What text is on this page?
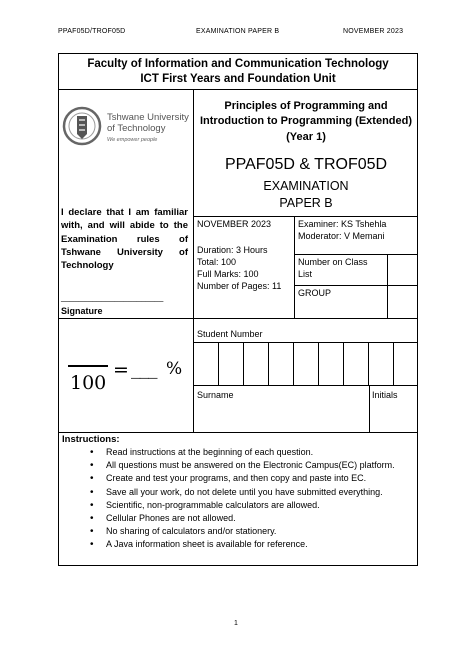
PPAF05D/TROF05D	EXAMINATION PAPER B	NOVEMBER 2023
Faculty of Information and Communication Technology
ICT First Years and Foundation Unit
Tshwane University
of Technology
We empower people
Principles of Programming and Introduction to Programming (Extended) (Year 1)
PPAF05D & TROF05D
EXAMINATION
PAPER B
I declare that I am familiar with, and will abide to the Examination rules of Tshwane University of Technology
_______________________
Signature
NOVEMBER 2023
Duration: 3 Hours
Total: 100
Full Marks: 100
Number of Pages: 11
Examiner: KS Tshehla
Moderator: V Memani
Number on Class List
GROUP
100
= ___ %
Student Number
Surname	Initials
Instructions:
• Read instructions at the beginning of each question.
• All questions must be answered on the Electronic Campus(EC) platform.
• Create and test your programs, and then copy and paste into EC.
• Save all your work, do not delete until you have submitted everything.
• Scientific, non-programmable calculators are allowed.
• Cellular Phones are not allowed.
• No sharing of calculators and/or stationery.
• A Java information sheet is available for reference.
1
